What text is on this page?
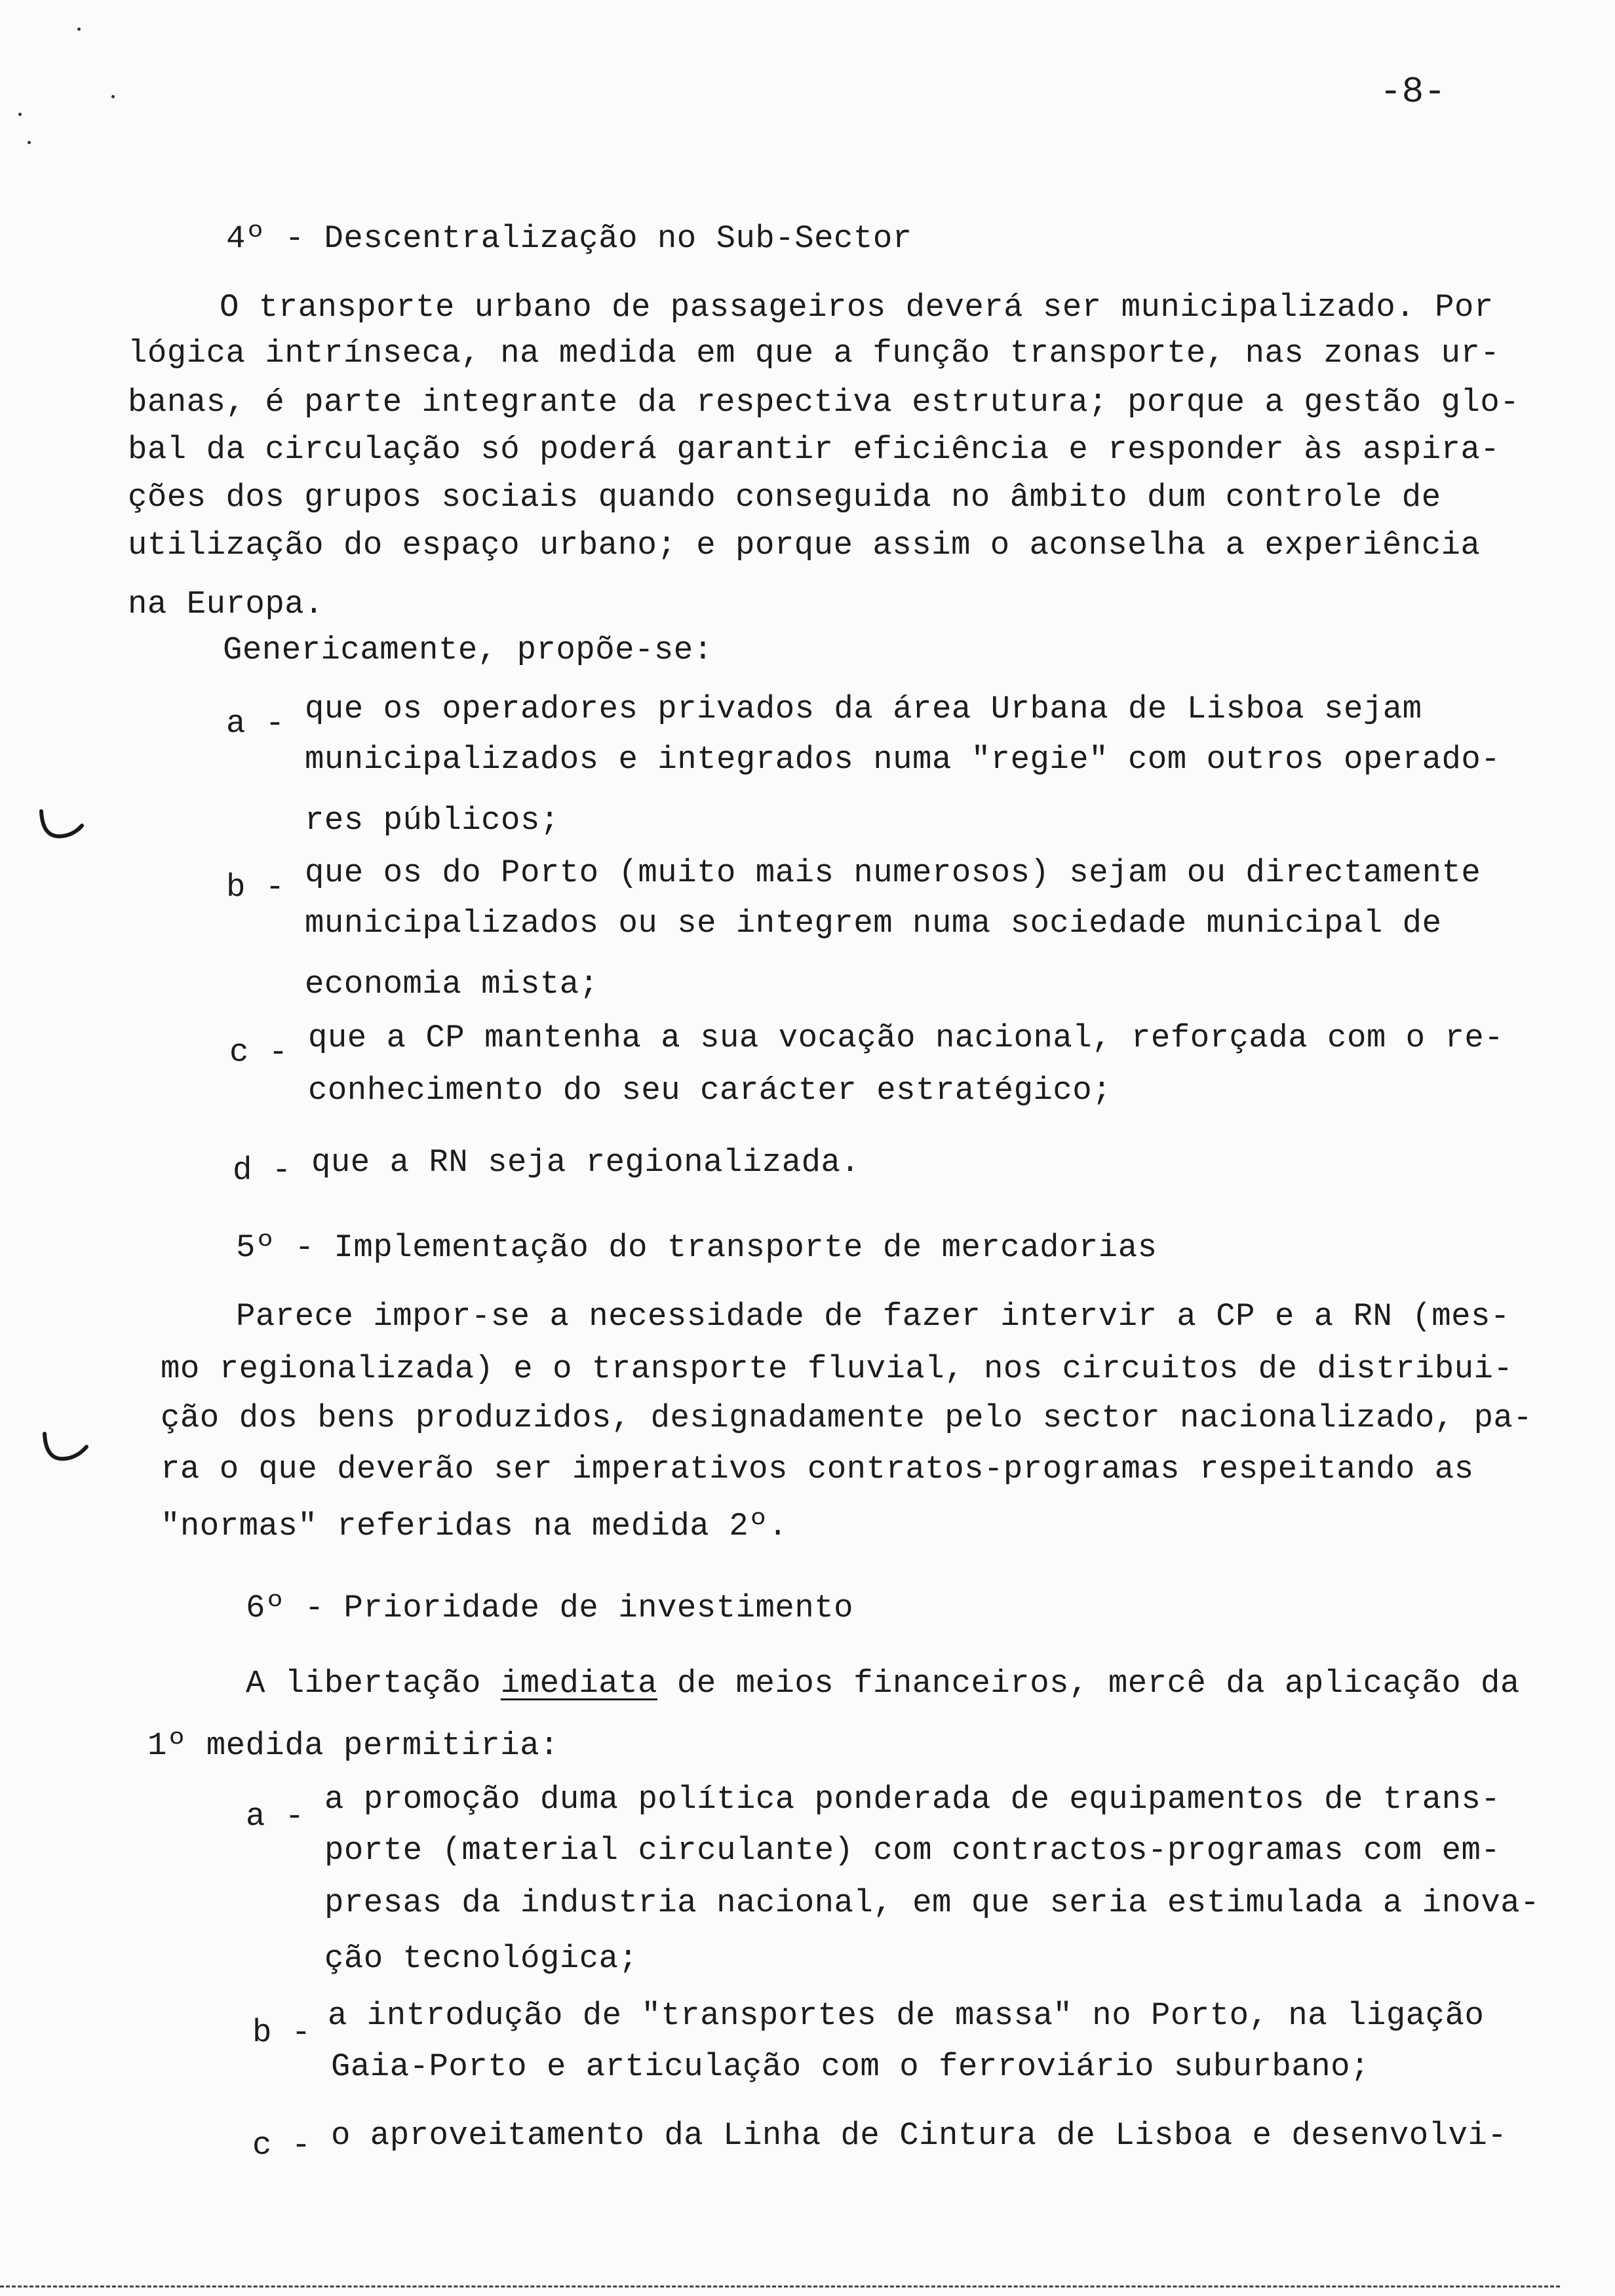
-8-
4º - Descentralização no Sub-Sector
O transporte urbano de passageiros deverá ser municipalizado. Por
lógica intrínseca, na medida em que a função transporte, nas zonas ur-
banas, é parte integrante da respectiva estrutura; porque a gestão glo-
bal da circulação só poderá garantir eficiência e responder às aspira-
ções dos grupos sociais quando conseguida no âmbito dum controle de
utilização do espaço urbano; e porque assim o aconselha a experiência
na Europa.
Genericamente, propõe-se:
a - que os operadores privados da área Urbana de Lisboa sejam
municipalizados e integrados numa "regie" com outros operado-
res públicos;
b - que os do Porto (muito mais numerosos) sejam ou directamente
municipalizados ou se integrem numa sociedade municipal de
economia mista;
c - que a CP mantenha a sua vocação nacional, reforçada com o re-
conhecimento do seu carácter estratégico;
d - que a RN seja regionalizada.
5º - Implementação do transporte de mercadorias
Parece impor-se a necessidade de fazer intervir a CP e a RN (mes-
mo regionalizada) e o transporte fluvial, nos circuitos de distribui-
ção dos bens produzidos, designadamente pelo sector nacionalizado, pa-
ra o que deverão ser imperativos contratos-programas respeitando as
"normas" referidas na medida 2º.
6º - Prioridade de investimento
A libertação imediata de meios financeiros, mercê da aplicação da
1º medida permitiria:
a - a promoção duma política ponderada de equipamentos de trans-
porte (material circulante) com contractos-programas com em-
presas da industria nacional, em que seria estimulada a inova-
ção tecnológica;
b - a introdução de "transportes de massa" no Porto, na ligação
Gaia-Porto e articulação com o ferroviário suburbano;
c - o aproveitamento da Linha de Cintura de Lisboa e desenvolvi-
